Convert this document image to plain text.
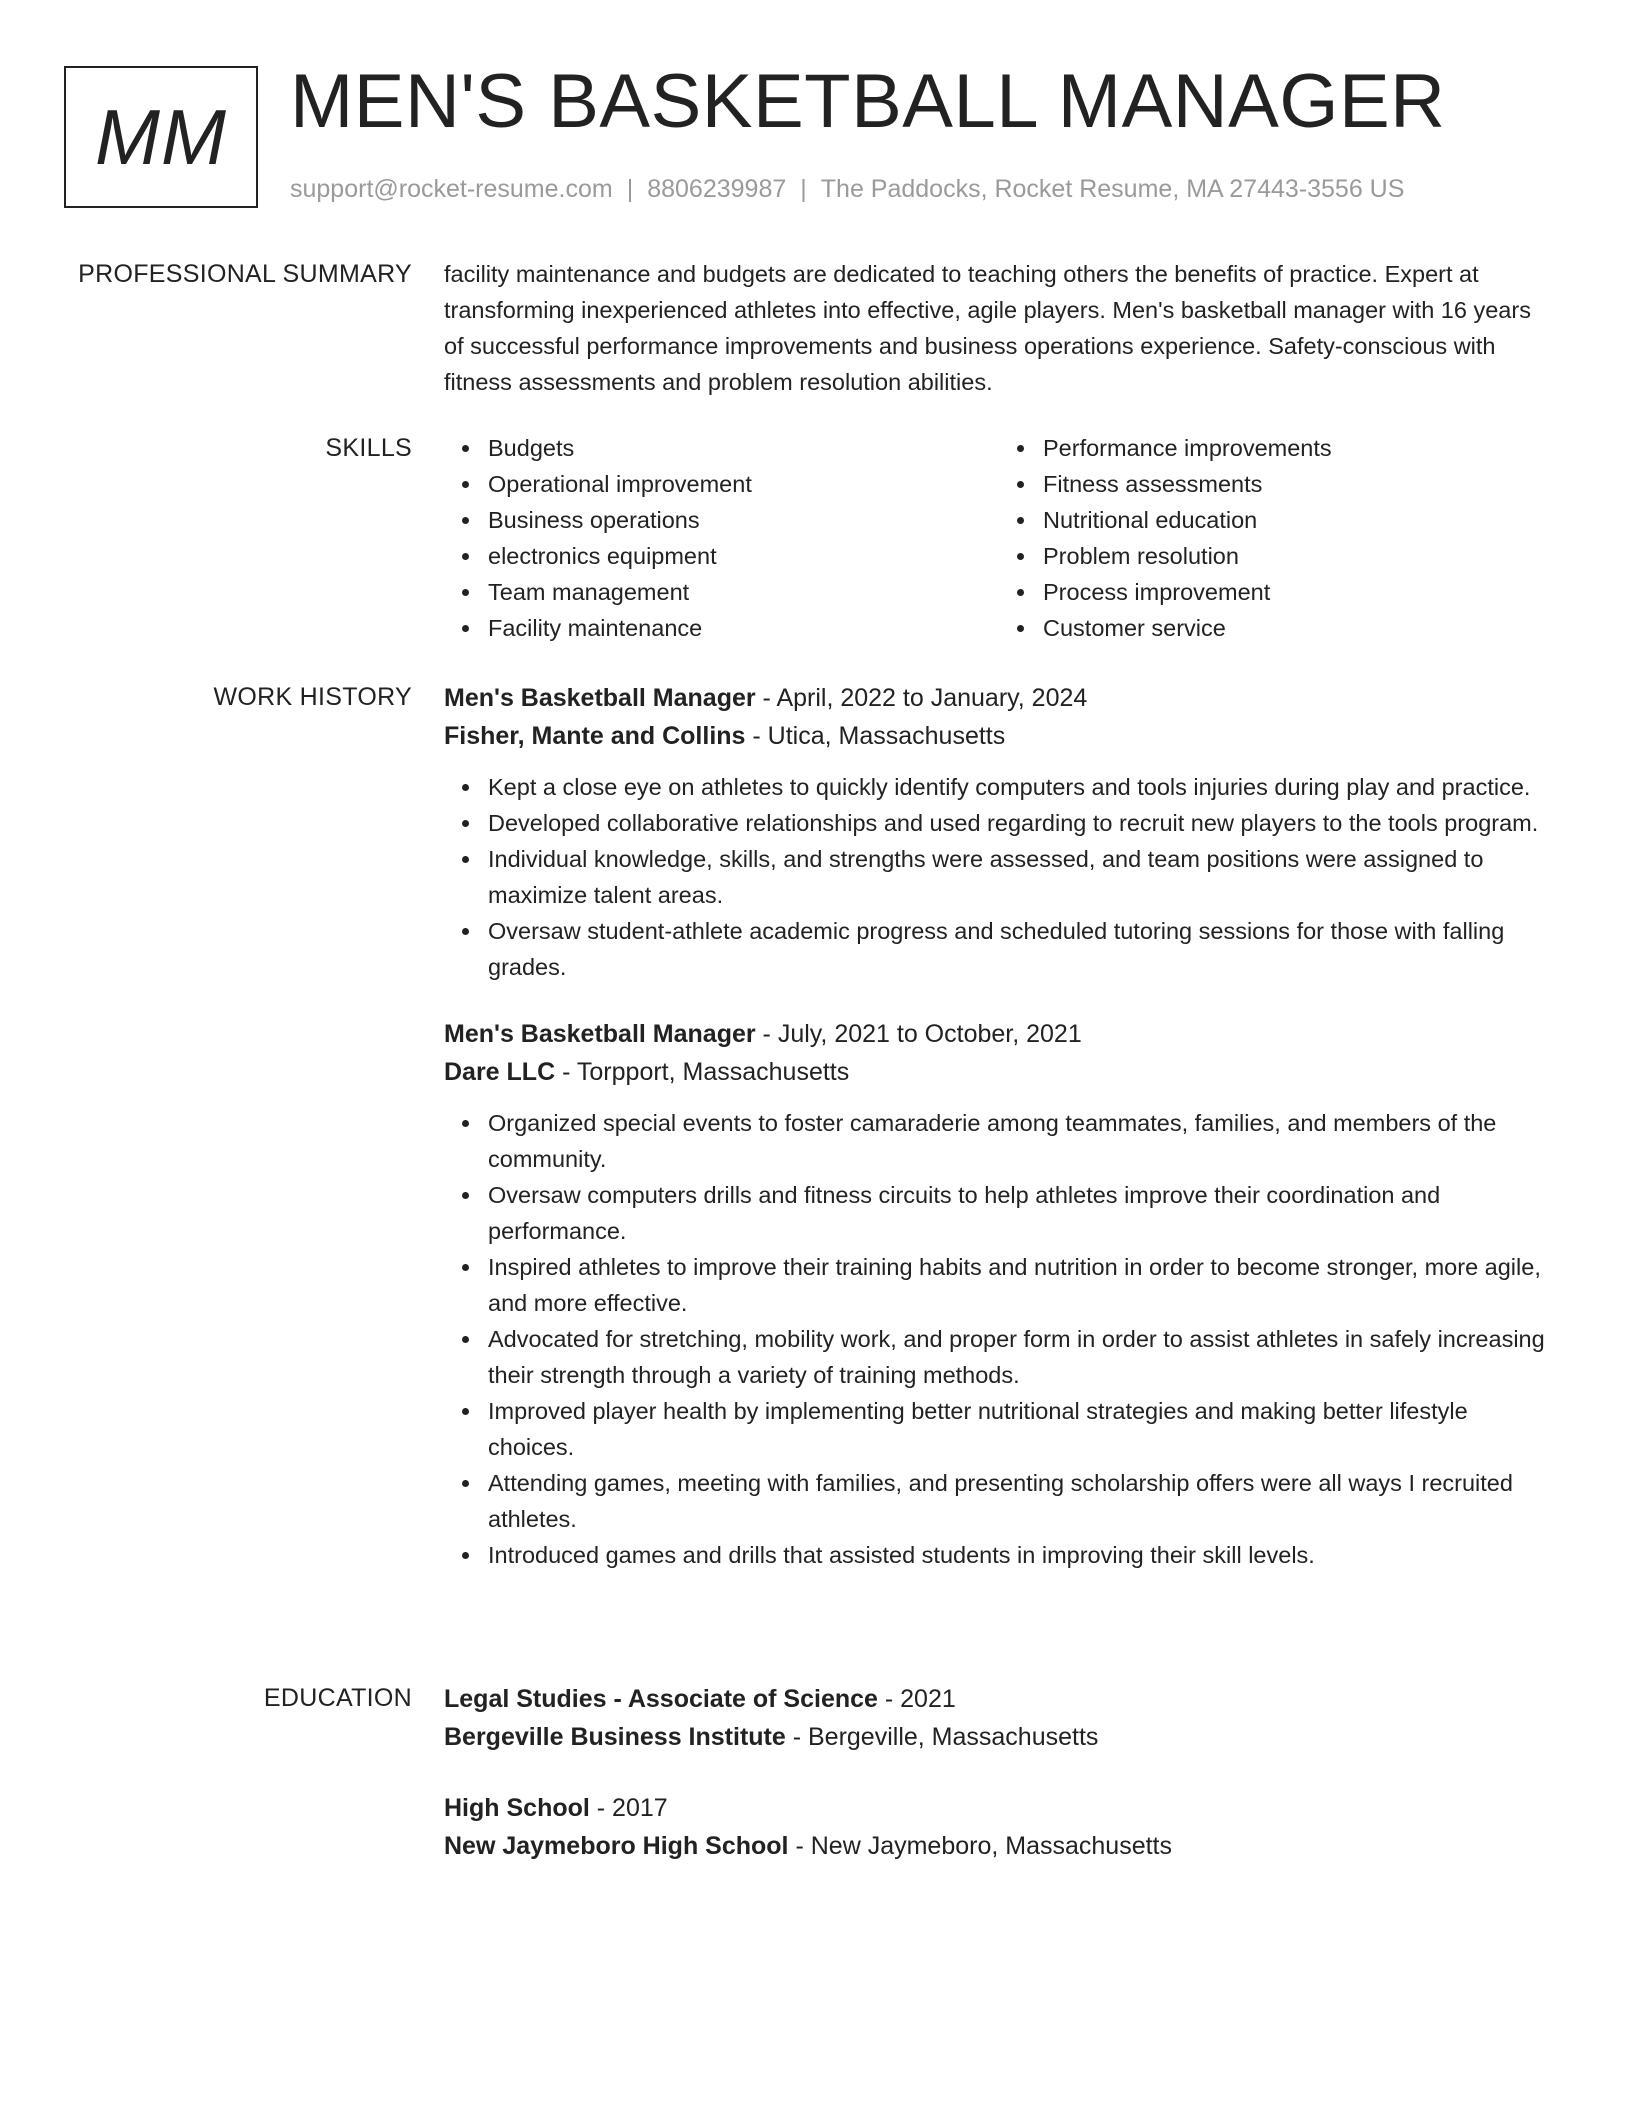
MM MEN'S BASKETBALL MANAGER
support@rocket-resume.com | 8806239987 | The Paddocks, Rocket Resume, MA 27443-3556 US
PROFESSIONAL SUMMARY facility maintenance and budgets are dedicated to teaching others the benefits of practice. Expert at transforming inexperienced athletes into effective, agile players. Men's basketball manager with 16 years of successful performance improvements and business operations experience. Safety-conscious with fitness assessments and problem resolution abilities.

SKILLS	Budgets
Operational improvement
Business operations
electronics equipment
Team management
Facility maintenance
Performance improvements
Fitness assessments
Nutritional education
Problem resolution
Process improvement
Customer service
WORK HISTORY Men's Basketball Manager - April, 2022 to January, 2024
Fisher, Mante and Collins - Utica, Massachusetts
Kept a close eye on athletes to quickly identify computers and tools injuries during play and practice.
Developed collaborative relationships and used regarding to recruit new players to the tools program.
Individual knowledge, skills, and strengths were assessed, and team positions were assigned to maximize talent areas.
Oversaw student-athlete academic progress and scheduled tutoring sessions for those with falling grades.
Men's Basketball Manager - July, 2021 to October, 2021
Dare LLC - Torpport, Massachusetts
Organized special events to foster camaraderie among teammates, families, and members of the community.
Oversaw computers drills and fitness circuits to help athletes improve their coordination and performance.
Inspired athletes to improve their training habits and nutrition in order to become stronger, more agile, and more effective.
Advocated for stretching, mobility work, and proper form in order to assist athletes in safely increasing their strength through a variety of training methods.
Improved player health by implementing better nutritional strategies and making better lifestyle choices.
Attending games, meeting with families, and presenting scholarship offers were all ways I recruited athletes.
Introduced games and drills that assisted students in improving their skill levels.
EDUCATION Legal Studies - Associate of Science - 2021
Bergeville Business Institute - Bergeville, Massachusetts
High School - 2017
New Jaymeboro High School - New Jaymeboro, Massachusetts
